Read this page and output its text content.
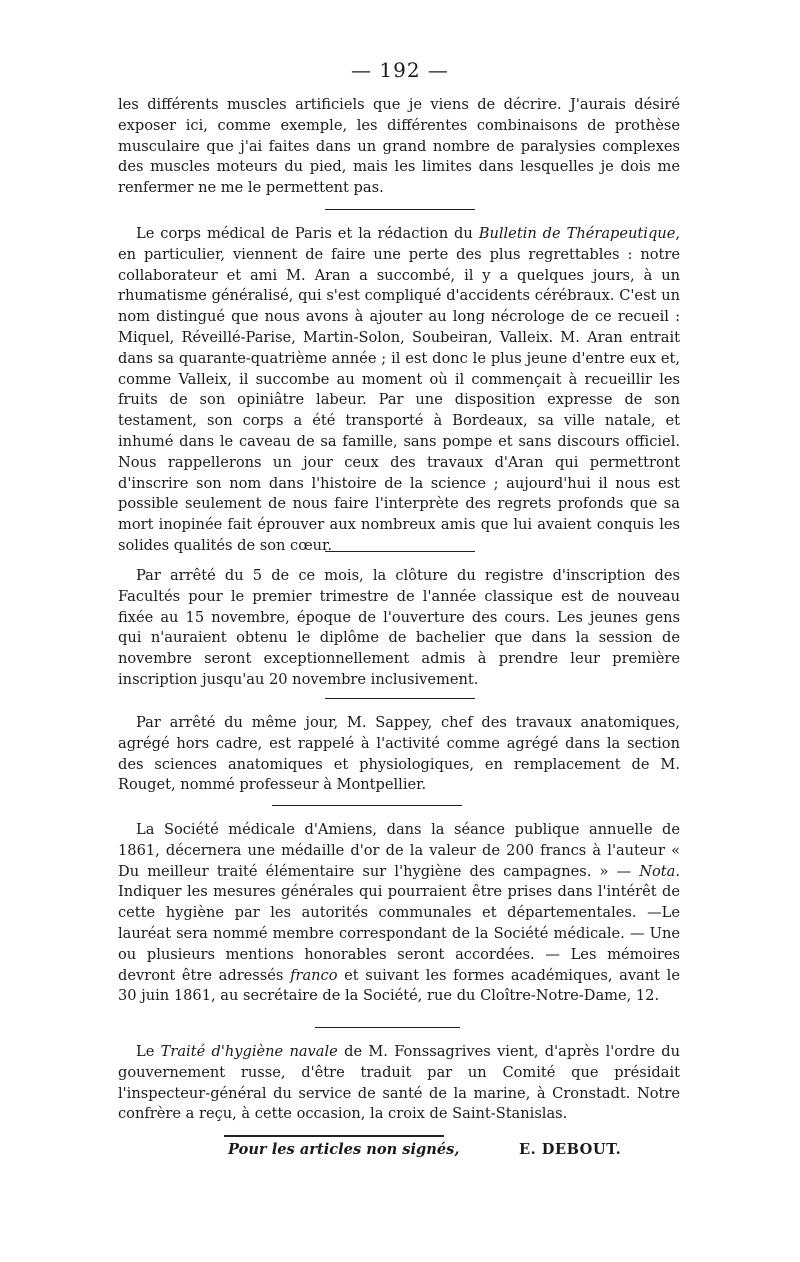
— 192 —

les différents muscles artificiels que je viens de décrire. J'aurais désiré exposer ici, comme exemple, les différentes combinaisons de prothèse musculaire que j'ai faites dans un grand nombre de paralysies complexes des muscles moteurs du pied, mais les limites dans lesquelles je dois me renfermer ne me le permettent pas.

Le corps médical de Paris et la rédaction du Bulletin de Thérapeutique, en particulier, viennent de faire une perte des plus regrettables : notre collaborateur et ami M. Aran a succombé, il y a quelques jours, à un rhumatisme généralisé, qui s'est compliqué d'accidents cérébraux. C'est un nom distingué que nous avons à ajouter au long nécrologe de ce recueil : Miquel, Réveillé-Parise, Martin-Solon, Soubeiran, Valleix. M. Aran entrait dans sa quarante-quatrième année ; il est donc le plus jeune d'entre eux et, comme Valleix, il succombe au moment où il commençait à recueillir les fruits de son opiniâtre labeur. Par une disposition expresse de son testament, son corps a été transporté à Bordeaux, sa ville natale, et inhumé dans le caveau de sa famille, sans pompe et sans discours officiel. Nous rappellerons un jour ceux des travaux d'Aran qui permettront d'inscrire son nom dans l'histoire de la science ; aujourd'hui il nous est possible seulement de nous faire l'interprète des regrets profonds que sa mort inopinée fait éprouver aux nombreux amis que lui avaient conquis les solides qualités de son cœur.

Par arrêté du 5 de ce mois, la clôture du registre d'inscription des Facultés pour le premier trimestre de l'année classique est de nouveau fixée au 15 novembre, époque de l'ouverture des cours. Les jeunes gens qui n'auraient obtenu le diplôme de bachelier que dans la session de novembre seront exceptionnellement admis à prendre leur première inscription jusqu'au 20 novembre inclusivement.

Par arrêté du même jour, M. Sappey, chef des travaux anatomiques, agrégé hors cadre, est rappelé à l'activité comme agrégé dans la section des sciences anatomiques et physiologiques, en remplacement de M. Rouget, nommé professeur à Montpellier.

La Société médicale d'Amiens, dans la séance publique annuelle de 1861, décernera une médaille d'or de la valeur de 200 francs à l'auteur « Du meilleur traité élémentaire sur l'hygiène des campagnes. » — Nota. Indiquer les mesures générales qui pourraient être prises dans l'intérêt de cette hygiène par les autorités communales et départementales. —Le lauréat sera nommé membre correspondant de la Société médicale. — Une ou plusieurs mentions honorables seront accordées. — Les mémoires devront être adressés franco et suivant les formes académiques, avant le 30 juin 1861, au secrétaire de la Société, rue du Cloître-Notre-Dame, 12.

Le Traité d'hygiène navale de M. Fonssagrives vient, d'après l'ordre du gouvernement russe, d'être traduit par un Comité que présidait l'inspecteur-général du service de santé de la marine, à Cronstadt. Notre confrère a reçu, à cette occasion, la croix de Saint-Stanislas.

Pour les articles non signés,	E. DEBOUT.
